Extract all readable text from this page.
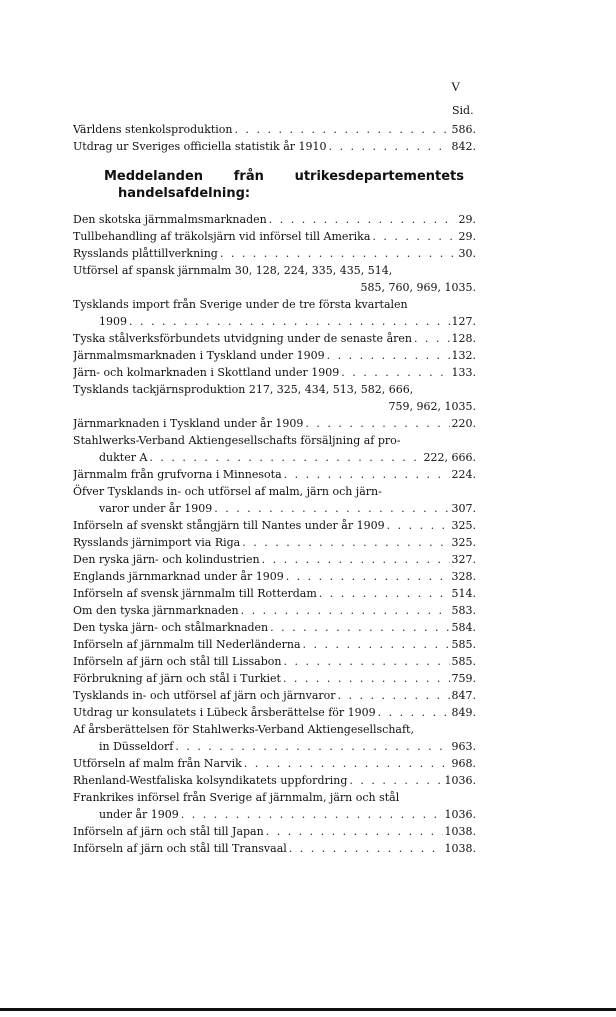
V
Sid.
Världens stenkolsproduktion . . .	586.
Utdrag ur Sveriges officiella statistik år 1910 . . .	842.
Meddelanden från utrikesdepartementets
handelsafdelning:
Den skotska järnmalmsmarknaden . . .	29.
Tullbehandling af träkolsjärn vid införsel till Amerika . . .	29.
Rysslands plåttillverkning . . .	30.
Utförsel af spansk järnmalm 30, 128, 224, 335, 435, 514,
585, 760, 969, 1035.
Tysklands import från Sverige under de tre första kvartalen
1909 . . .	127.
Tyska stålverksförbundets utvidgning under de senaste åren . . .	128.
Järnmalmsmarknaden i Tyskland under 1909 . . .	132.
Järn- och kolmarknaden i Skottland under 1909 . . .	133.
Tysklands tackjärnsproduktion 217, 325, 434, 513, 582, 666,
759, 962, 1035.
Järnmarknaden i Tyskland under år 1909 . . .	220.
Stahlwerks-Verband Aktiengesellschafts försäljning af pro-
dukter A . . .	222, 666.
Järnmalm från grufvorna i Minnesota . . .	224.
Öfver Tysklands in- och utförsel af malm, järn och järn-
varor under år 1909 . . .	307.
Införseln af svenskt stångjärn till Nantes under år 1909 . . .	325.
Rysslands järnimport via Riga . . .	325.
Den ryska järn- och kolindustrien . . .	327.
Englands järnmarknad under år 1909 . . .	328.
Införseln af svensk järnmalm till Rotterdam . . .	514.
Om den tyska järnmarknaden . . .	583.
Den tyska järn- och stålmarknaden . . .	584.
Införseln af järnmalm till Nederländerna . . .	585.
Införseln af järn och stål till Lissabon . . .	585.
Förbrukning af järn och stål i Turkiet . . .	759.
Tysklands in- och utförsel af järn och järnvaror . . .	847.
Utdrag ur konsulatets i Lübeck årsberättelse för 1909 . . .	849.
Af årsberättelsen för Stahlwerks-Verband Aktiengesellschaft,
in Düsseldorf . . .	963.
Utförseln af malm från Narvik . . .	968.
Rhenland-Westfaliska kolsyndikatets uppfordring . . .	1036.
Frankrikes införsel från Sverige af järnmalm, järn och stål
under år 1909 . . .	1036.
Införseln af järn och stål till Japan . . .	1038.
Införseln af järn och stål till Transvaal . . .	1038.
